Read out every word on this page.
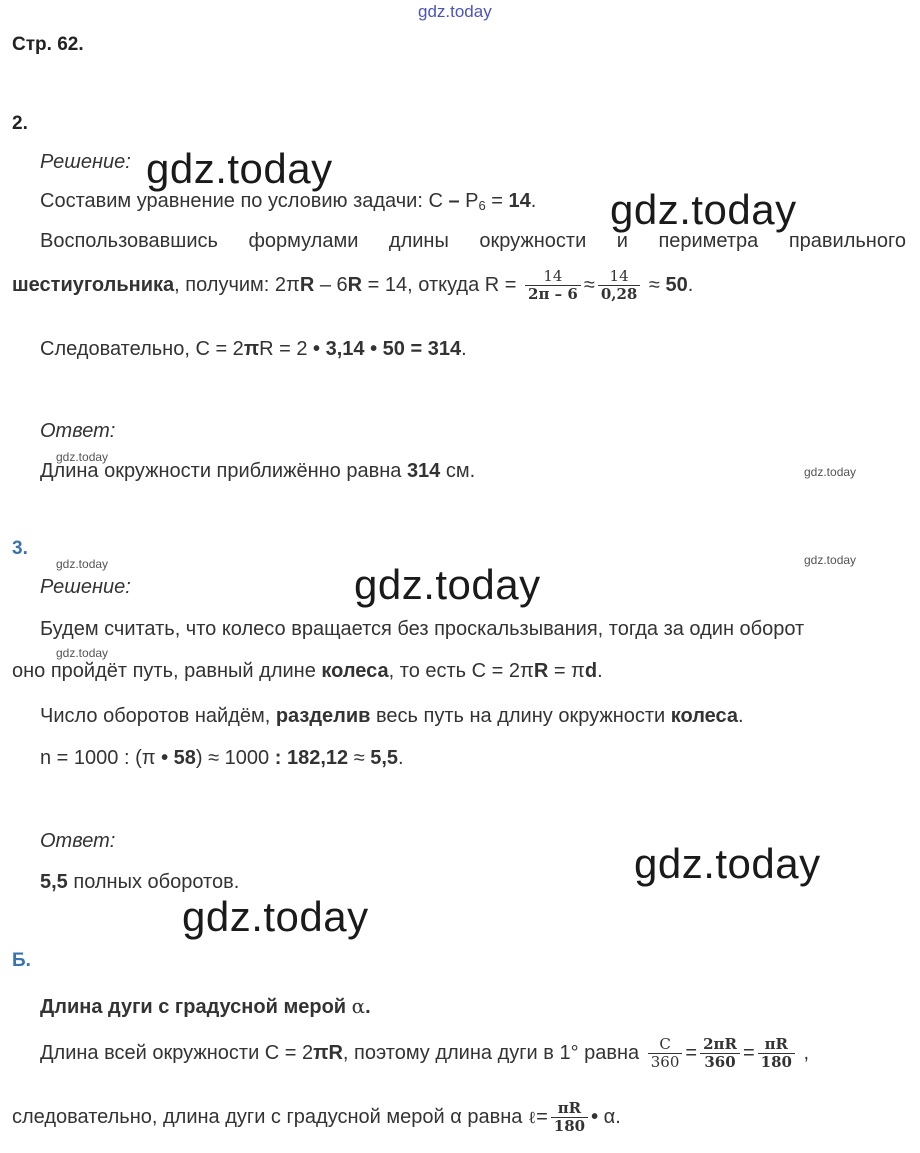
gdz.today
gdz.today
gdz.today
gdz.today
gdz.today
gdz.today	gdz.today
gdz.today
gdz.today
gdz.today
gdz.today
Стр. 62.
2.
Решение:
Составим уравнение по условию задачи: $C - P_6 = 14$.
Воспользовавшись формулами длины окружности и периметра правильного
шестиугольника, получим: 2πR – 6R = 14, откуда $R = \frac{14}{2\pi - 6} \approx \frac{14}{0,28} \approx 50$.
Следовательно, C = 2πR = 2 • 3,14 • 50 = 314.
Ответ:
Длина окружности приближённо равна 314 см.
3.
Решение:
Будем считать, что колесо вращается без проскальзывания, тогда за один оборот
оно пройдёт путь, равный длине колеса, то есть C = 2πR = πd.
Число оборотов найдём, разделив весь путь на длину окружности колеса.
n = 1000 : (π • 58) ≈ 1000 : 182,12 ≈ 5,5.
Ответ:
5,5 полных оборотов.
Б.
Длина дуги с градусной мерой α.
Длина всей окружности C = 2πR, поэтому длина дуги в 1° равна $\frac{C}{360} = \frac{2\pi R}{360} = \frac{\pi R}{180}$ ,
следовательно, длина дуги с градусной мерой α равна ℓ= $\frac{\pi R}{180}$ • α.
